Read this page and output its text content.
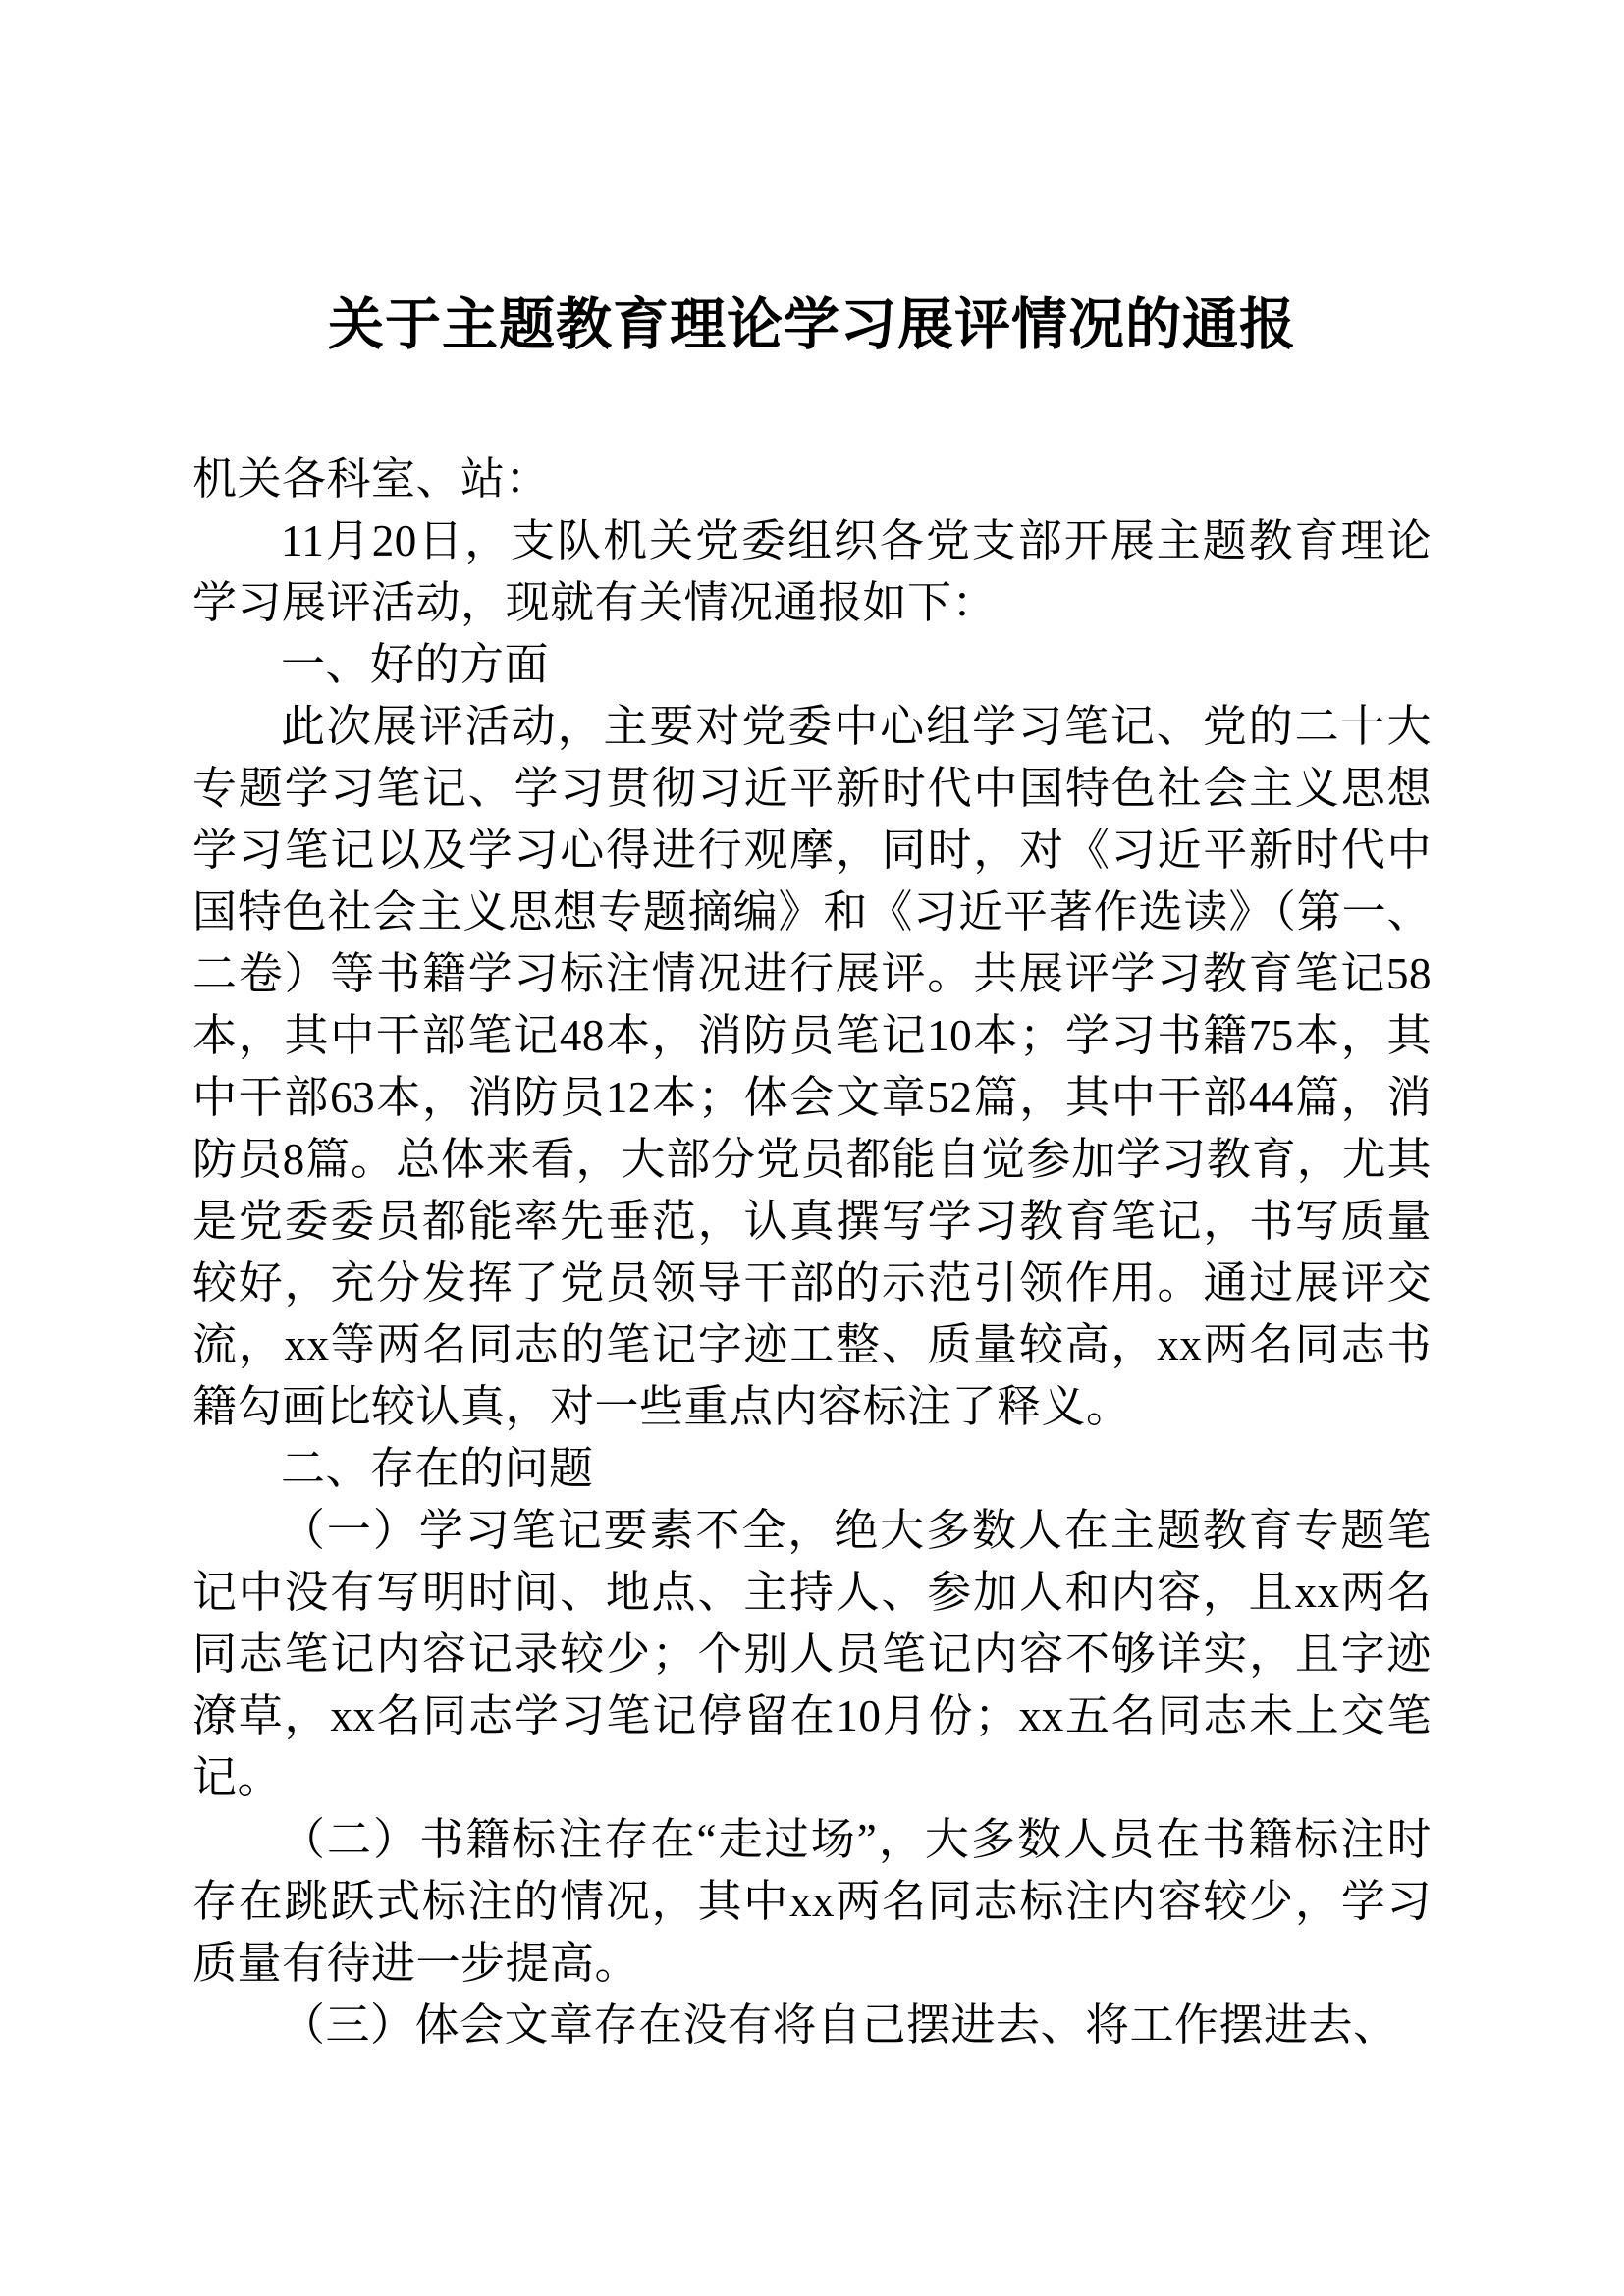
关于主题教育理论学习展评情况的通报

机关各科室、站：

11月20日，支队机关党委组织各党支部开展主题教育理论学习展评活动，现就有关情况通报如下：

一、好的方面

此次展评活动，主要对党委中心组学习笔记、党的二十大专题学习笔记、学习贯彻习近平新时代中国特色社会主义思想学习笔记以及学习心得进行观摩，同时，对《习近平新时代中国特色社会主义思想专题摘编》和《习近平著作选读》（第一、二卷）等书籍学习标注情况进行展评。共展评学习教育笔记58本，其中干部笔记48本，消防员笔记10本；学习书籍75本，其中干部63本，消防员12本；体会文章52篇，其中干部44篇，消防员8篇。总体来看，大部分党员都能自觉参加学习教育，尤其是党委委员都能率先垂范，认真撰写学习教育笔记，书写质量较好，充分发挥了党员领导干部的示范引领作用。通过展评交流，xx等两名同志的笔记字迹工整、质量较高，xx两名同志书籍勾画比较认真，对一些重点内容标注了释义。

二、存在的问题

（一）学习笔记要素不全，绝大多数人在主题教育专题笔记中没有写明时间、地点、主持人、参加人和内容，且xx两名同志笔记内容记录较少；个别人员笔记内容不够详实，且字迹潦草，xx名同志学习笔记停留在10月份；xx五名同志未上交笔记。

（二）书籍标注存在“走过场”，大多数人员在书籍标注时存在跳跃式标注的情况，其中xx两名同志标注内容较少，学习质量有待进一步提高。

（三）体会文章存在没有将自己摆进去、将工作摆进去、
